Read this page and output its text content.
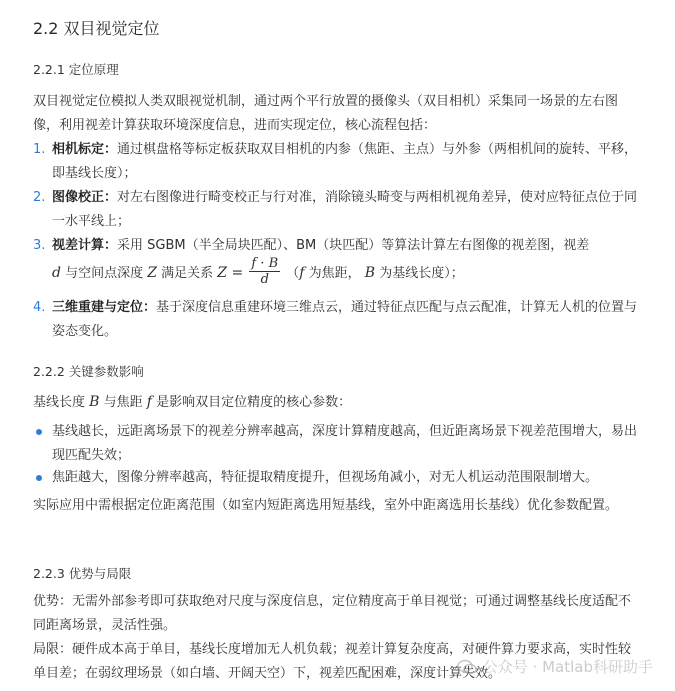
2.2 双目视觉定位
2.2.1 定位原理
双目视觉定位模拟人类双眼视觉机制，通过两个平行放置的摄像头（双目相机）采集同一场景的左右图像，利用视差计算获取环境深度信息，进而实现定位，核心流程包括：
1. 相机标定：通过棋盘格等标定板获取双目相机的内参（焦距、主点）与外参（两相机间的旋转、平移，即基线长度）；
2. 图像校正：对左右图像进行畸变校正与行对准，消除镜头畸变与两相机视角差异，使对应特征点位于同一水平线上；
3. 视差计算：采用 SGBM（半全局块匹配）、BM（块匹配）等算法计算左右图像的视差图，视差
d 与空间点深度 Z 满足关系 $Z = \frac{f \cdot B}{d} (f$ 为焦距， B 为基线长度）；
4. 三维重建与定位：基于深度信息重建环境三维点云，通过特征点匹配与点云配准，计算无人机的位置与姿态变化。
2.2.2 关键参数影响
基线长度 B 与焦距 f 是影响双目定位精度的核心参数：
基线越长，远距离场景下的视差分辨率越高，深度计算精度越高，但近距离场景下视差范围增大，易出现匹配失效；
焦距越大，图像分辨率越高，特征提取精度提升，但视场角减小，对无人机运动范围限制增大。
实际应用中需根据定位距离范围（如室内短距离选用短基线，室外中距离选用长基线）优化参数配置。
2.2.3 优势与局限
优势：无需外部参考即可获取绝对尺度与深度信息，定位精度高于单目视觉；可通过调整基线长度适配不同距离场景，灵活性强。
局限：硬件成本高于单目，基线长度增加无人机负载；视差计算复杂度高，对硬件算力要求高，实时性较单目差；在弱纹理场景（如白墙、开阔天空）下，视差匹配困难，深度计算失效。
公众号 · Matlab科研助手
